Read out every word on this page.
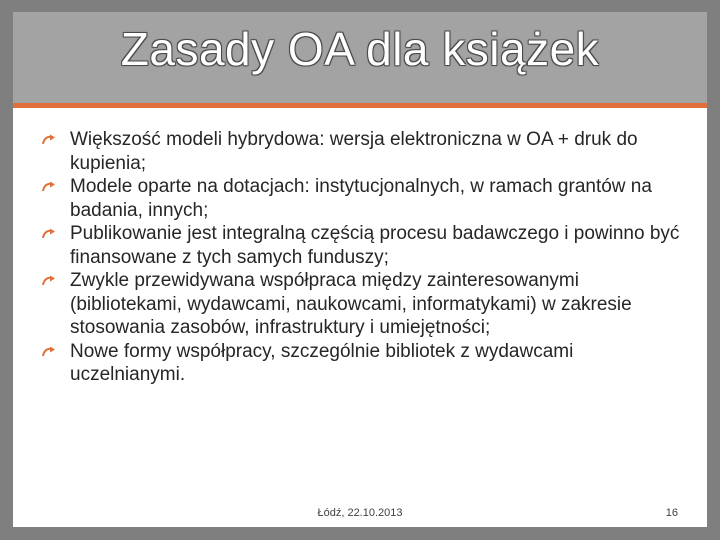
Zasady OA dla książek
Większość modeli hybrydowa: wersja elektroniczna w OA + druk do kupienia;
Modele oparte na dotacjach: instytucjonalnych, w ramach grantów na badania, innych;
Publikowanie jest integralną częścią procesu badawczego i powinno być finansowane z tych samych funduszy;
Zwykle przewidywana współpraca między zainteresowanymi (bibliotekami, wydawcami, naukowcami, informatykami) w zakresie stosowania zasobów, infrastruktury i umiejętności;
Nowe formy współpracy, szczególnie bibliotek z wydawcami uczelnianymi.
Łódź, 22.10.2013	16
